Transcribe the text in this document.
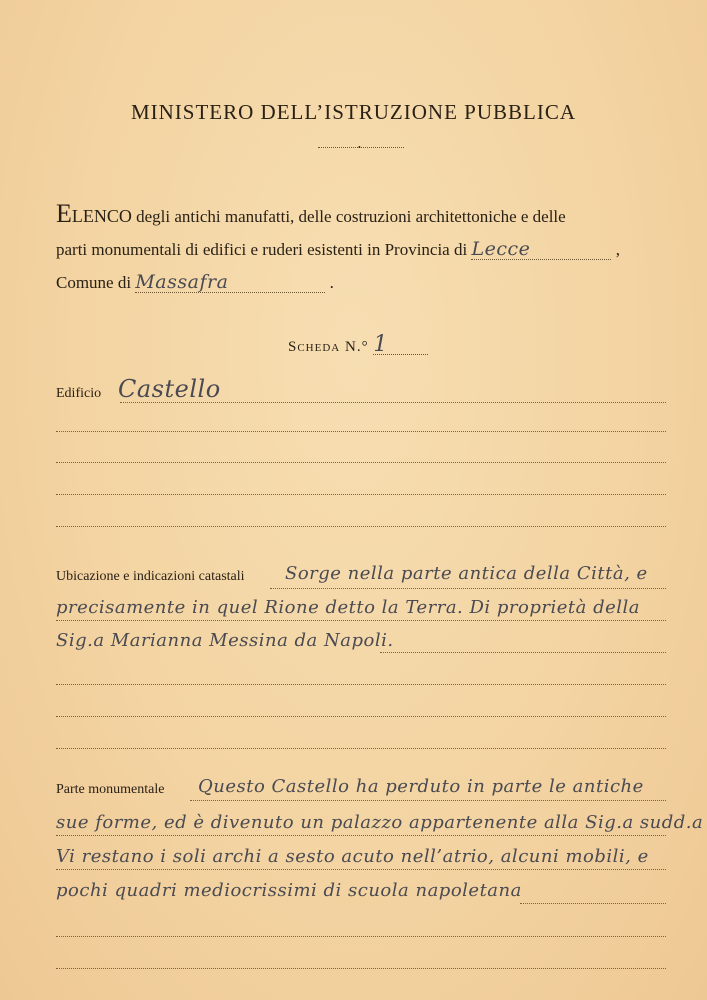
MINISTERO DELL’ISTRUZIONE PUBBLICA
•
ELENCO degli antichi manufatti, delle costruzioni architettoniche e delle
parti monumentali di edifici e ruderi esistenti in Provincia di Lecce	,
Comune di Massafra	.
Scheda N.° 1
Edificio Castello
Ubicazione e indicazioni catastali Sorge nella parte antica della Città, e
precisamente in quel Rione detto la Terra. Di proprietà della
Sig.a Marianna Messina da Napoli.
Parte monumentale Questo Castello ha perduto in parte le antiche
sue forme, ed è divenuto un palazzo appartenente alla Sig.a sudd.a
Vi restano i soli archi a sesto acuto nell’atrio, alcuni mobili, e
pochi quadri mediocrissimi di scuola napoletana
